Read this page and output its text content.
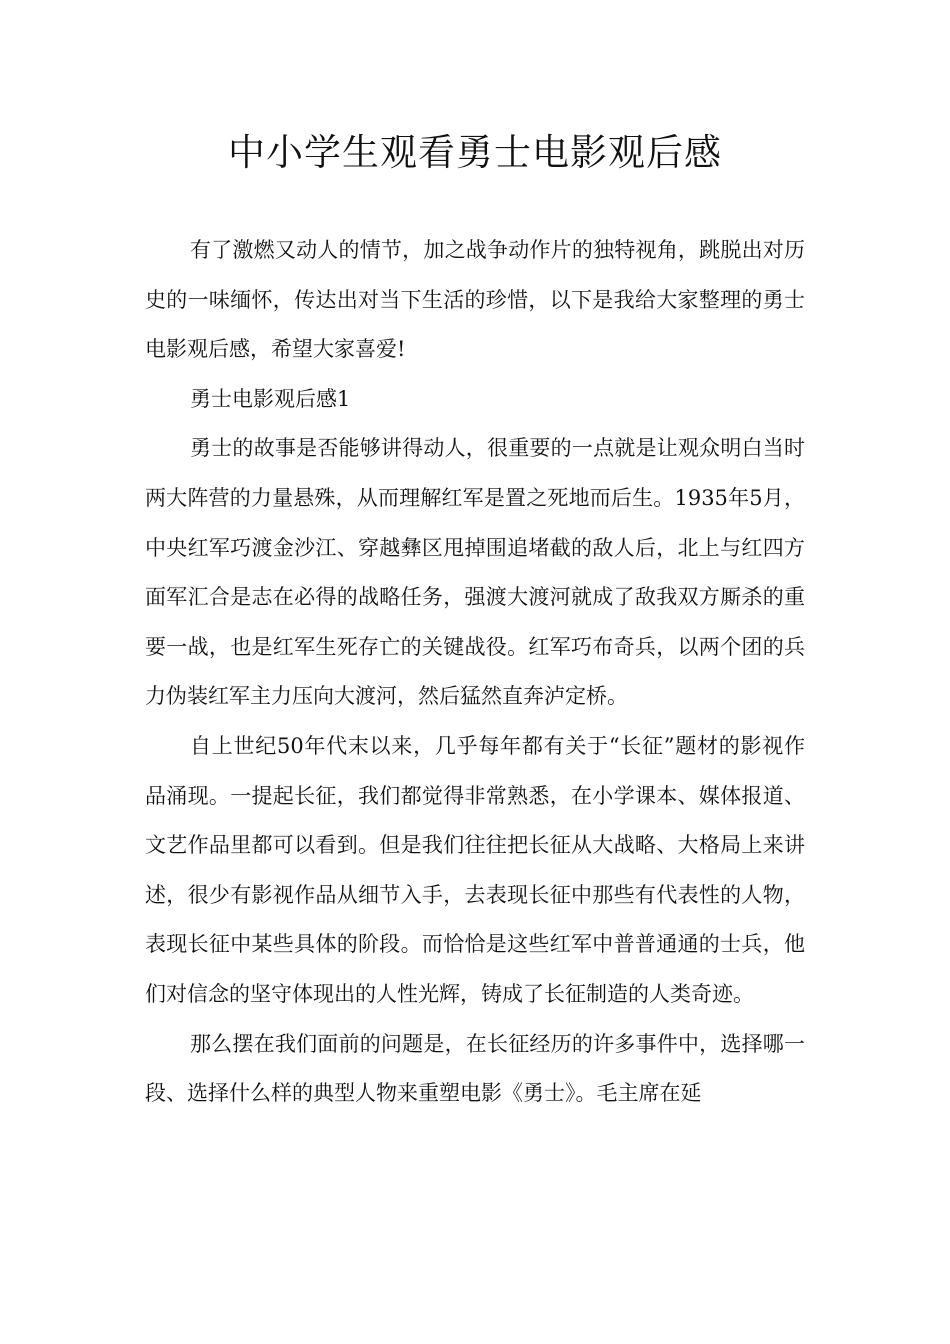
中小学生观看勇士电影观后感

有了激燃又动人的情节，加之战争动作片的独特视角，跳脱出对历史的一味缅怀，传达出对当下生活的珍惜，以下是我给大家整理的勇士电影观后感，希望大家喜爱!

勇士电影观后感1

勇士的故事是否能够讲得动人，很重要的一点就是让观众明白当时两大阵营的力量悬殊，从而理解红军是置之死地而后生。1935年5月，中央红军巧渡金沙江、穿越彝区甩掉围追堵截的敌人后，北上与红四方面军汇合是志在必得的战略任务，强渡大渡河就成了敌我双方厮杀的重要一战，也是红军生死存亡的关键战役。红军巧布奇兵，以两个团的兵力伪装红军主力压向大渡河，然后猛然直奔泸定桥。

自上世纪50年代末以来，几乎每年都有关于“长征”题材的影视作品涌现。一提起长征，我们都觉得非常熟悉，在小学课本、媒体报道、文艺作品里都可以看到。但是我们往往把长征从大战略、大格局上来讲述，很少有影视作品从细节入手，去表现长征中那些有代表性的人物，表现长征中某些具体的阶段。而恰恰是这些红军中普普通通的士兵，他们对信念的坚守体现出的人性光辉，铸成了长征制造的人类奇迹。

那么摆在我们面前的问题是，在长征经历的许多事件中，选择哪一段、选择什么样的典型人物来重塑电影《勇士》。毛主席在延
